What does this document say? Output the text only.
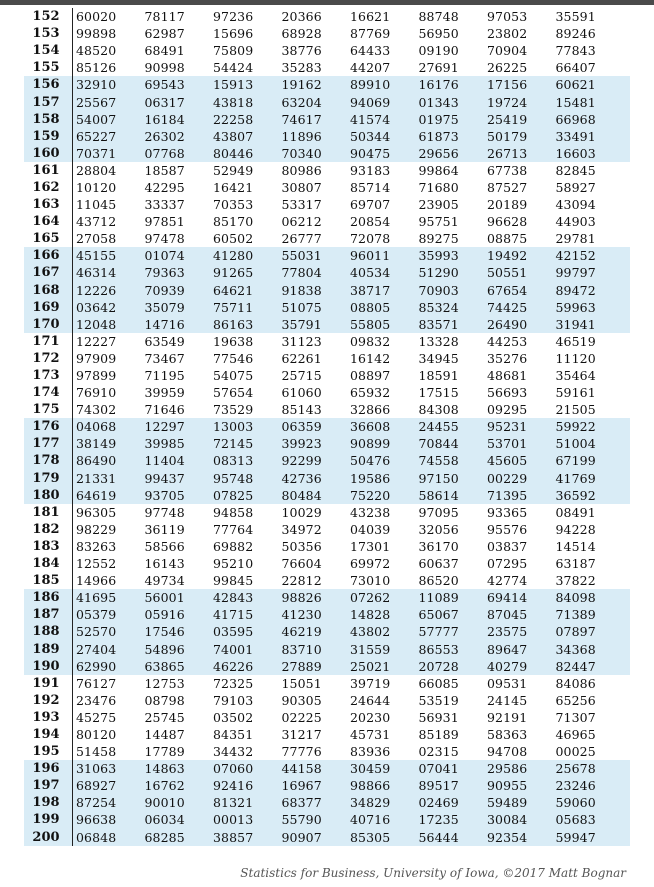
152	60020	78117	97236	20366	16621	88748	97053	35591
153	99898	62987	15696	68928	87769	56950	23802	89246
154	48520	68491	75809	38776	64433	09190	70904	77843
155	85126	90998	54424	35283	44207	27691	26225	66407
156	32910	69543	15913	19162	89910	16176	17156	60621
157	25567	06317	43818	63204	94069	01343	19724	15481
158	54007	16184	22258	74617	41574	01975	25419	66968
159	65227	26302	43807	11896	50344	61873	50179	33491
160	70371	07768	80446	70340	90475	29656	26713	16603
161	28804	18587	52949	80986	93183	99864	67738	82845
162	10120	42295	16421	30807	85714	71680	87527	58927
163	11045	33337	70353	53317	69707	23905	20189	43094
164	43712	97851	85170	06212	20854	95751	96628	44903
165	27058	97478	60502	26777	72078	89275	08875	29781
166	45155	01074	41280	55031	96011	35993	19492	42152
167	46314	79363	91265	77804	40534	51290	50551	99797
168	12226	70939	64621	91838	38717	70903	67654	89472
169	03642	35079	75711	51075	08805	85324	74425	59963
170	12048	14716	86163	35791	55805	83571	26490	31941
171	12227	63549	19638	31123	09832	13328	44253	46519
172	97909	73467	77546	62261	16142	34945	35276	11120
173	97899	71195	54075	25715	08897	18591	48681	35464
174	76910	39959	57654	61060	65932	17515	56693	59161
175	74302	71646	73529	85143	32866	84308	09295	21505
176	04068	12297	13003	06359	36608	24455	95231	59922
177	38149	39985	72145	39923	90899	70844	53701	51004
178	86490	11404	08313	92299	50476	74558	45605	67199
179	21331	99437	95748	42736	19586	97150	00229	41769
180	64619	93705	07825	80484	75220	58614	71395	36592
181	96305	97748	94858	10029	43238	97095	93365	08491
182	98229	36119	77764	34972	04039	32056	95576	94228
183	83263	58566	69882	50356	17301	36170	03837	14514
184	12552	16143	95210	76604	69972	60637	07295	63187
185	14966	49734	99845	22812	73010	86520	42774	37822
186	41695	56001	42843	98826	07262	11089	69414	84098
187	05379	05916	41715	41230	14828	65067	87045	71389
188	52570	17546	03595	46219	43802	57777	23575	07897
189	27404	54896	74001	83710	31559	86553	89647	34368
190	62990	63865	46226	27889	25021	20728	40279	82447
191	76127	12753	72325	15051	39719	66085	09531	84086
192	23476	08798	79103	90305	24644	53519	24145	65256
193	45275	25745	03502	02225	20230	56931	92191	71307
194	80120	14487	84351	31217	45731	85189	58363	46965
195	51458	17789	34432	77776	83936	02315	94708	00025
196	31063	14863	07060	44158	30459	07041	29586	25678
197	68927	16762	92416	16967	98866	89517	90955	23246
198	87254	90010	81321	68377	34829	02469	59489	59060
199	96638	06034	00013	55790	40716	17235	30084	05683
200	06848	68285	38857	90907	85305	56444	92354	59947
Statistics for Business, University of Iowa, ©2017 Matt Bognar
